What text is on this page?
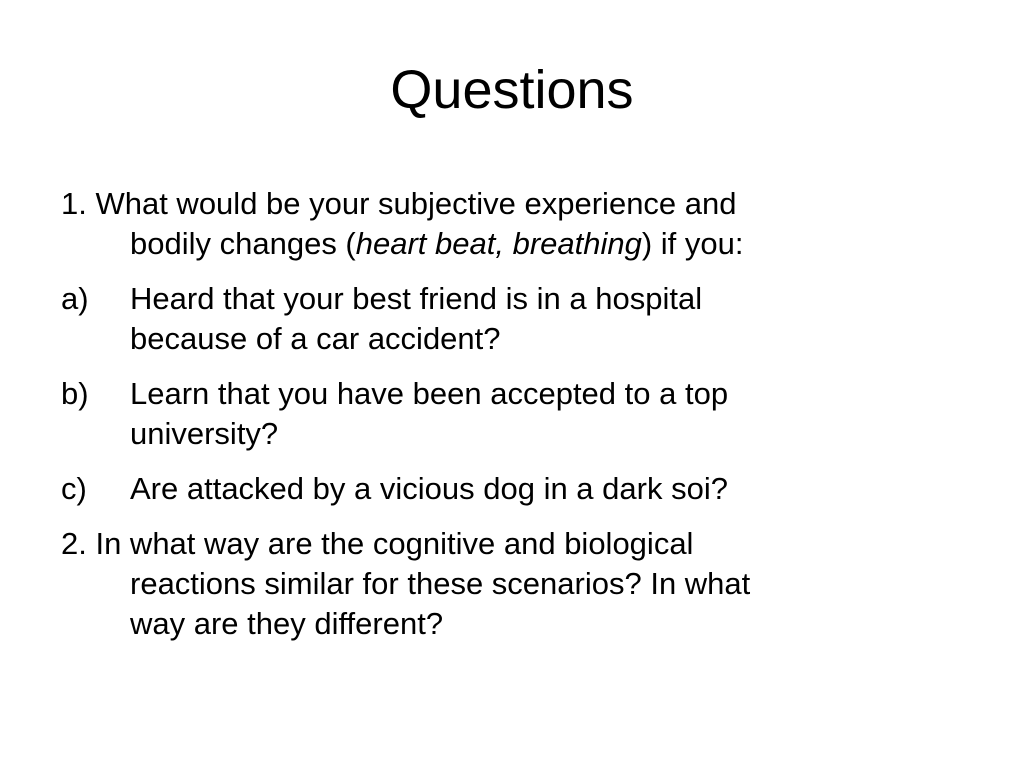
Questions
1. What would be your subjective experience and
bodily changes (heart beat, breathing) if you:
a) Heard that your best friend is in a hospital
because of a car accident?
b) Learn that you have been accepted to a top
university?
c) Are attacked by a vicious dog in a dark soi?
2. In what way are the cognitive and biological
reactions similar for these scenarios? In what
way are they different?
